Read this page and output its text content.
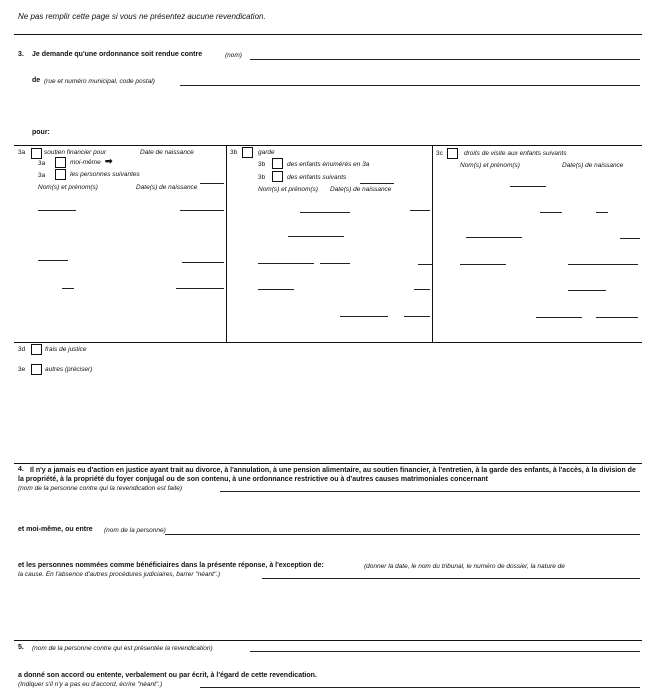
Ne pas remplir cette page si vous ne présentez aucune revendication.
3. Je demande qu'une ordonnance soit rendue contre	(nom)
de (rue et numéro municipal, code postal)
pour:
3a	soutien financier pour	Date de naissance
3a	moi-même ➡
3a	les personnes suivantes
Nom(s) et prénom(s)	Date(s) de naissance
3b	garde
3b	des enfants énumérés en 3a
3b	des enfants suivants
Nom(s) et prénom(s) Date(s) de naissance
3c	droits de visite aux enfants suivants
Nom(s) et prénom(s)	Date(s) de naissance
3d	frais de justice
3e	autres (préciser)
4. Il n'y a jamais eu d'action en justice ayant trait au divorce, à l'annulation, à une pension alimentaire, au soutien financier, à l'entretien, à la garde des enfants, à l'accès, à la division de la propriété, à la propriété du foyer conjugal ou de son contenu, à une ordonnance restrictive ou à d'autres causes matrimoniales concernant
(nom de la personne contre qui la revendication est faite)
et moi-même, ou entre (nom de la personne)
et les personnes nommées comme bénéficiaires dans la présente réponse, à l'exception de:	(donner la date, le nom du tribunal, le numéro de dossier, la nature de
la cause. En l'absence d'autres procédures judiciaires, barrer "néant".)
5. (nom de la personne contre qui est présentée la revendication)
a donné son accord ou entente, verbalement ou par écrit, à l'égard de cette revendication.
(Indiquer s'il n'y a pas eu d'accord, écrire "néant".)
